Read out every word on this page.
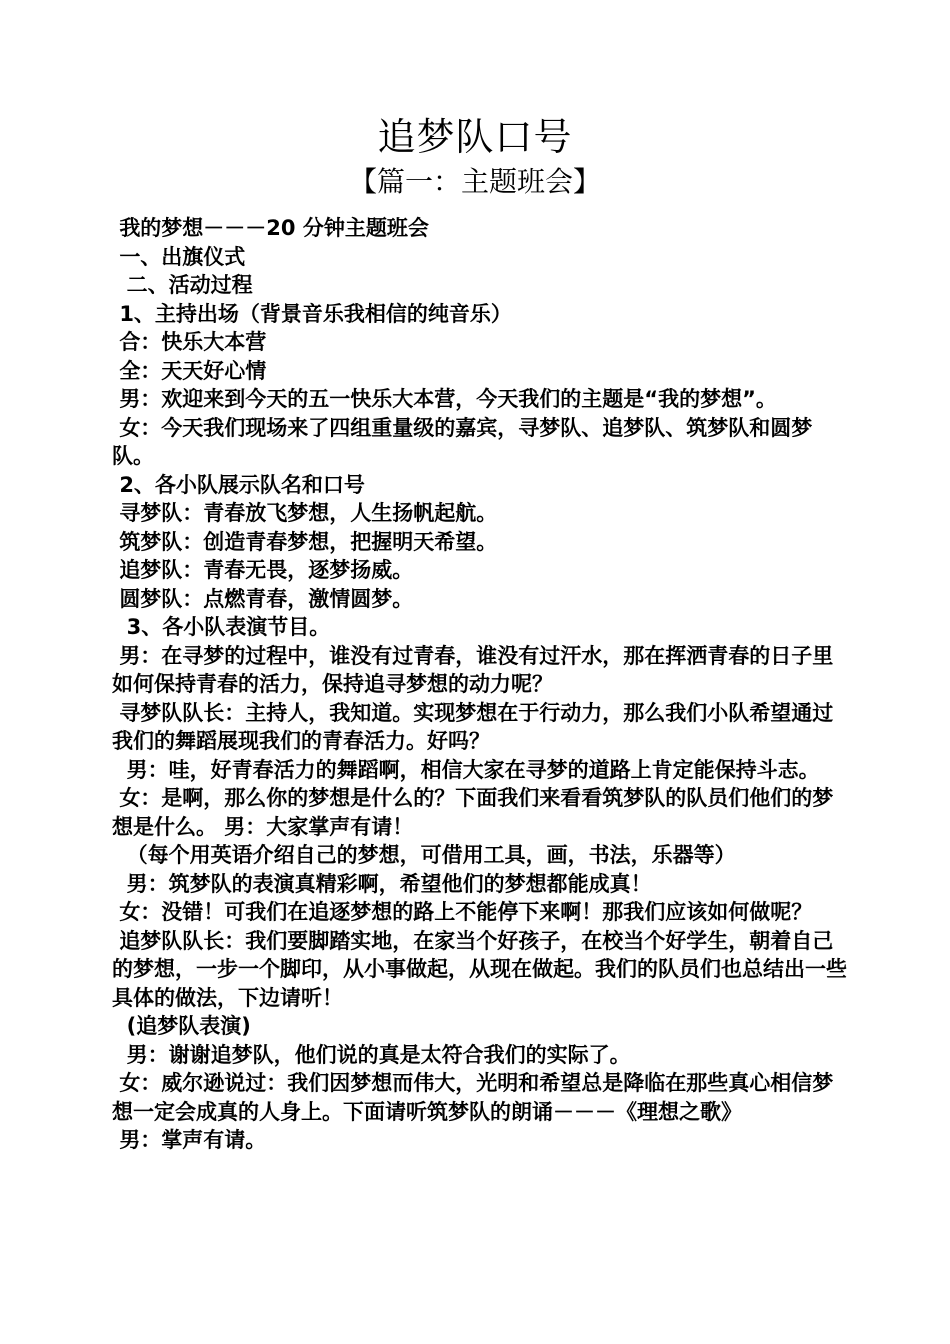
追梦队口号
【篇一：主题班会】

我的梦想－－－20 分钟主题班会

一、出旗仪式

二、活动过程

1、主持出场（背景音乐我相信的纯音乐）

合：快乐大本营

全：天天好心情

男：欢迎来到今天的五一快乐大本营，今天我们的主题是“我的梦想”。

女：今天我们现场来了四组重量级的嘉宾，寻梦队、追梦队、筑梦队和圆梦队。

2、各小队展示队名和口号

寻梦队：青春放飞梦想，人生扬帆起航。

筑梦队：创造青春梦想，把握明天希望。

追梦队：青春无畏，逐梦扬威。

圆梦队：点燃青春，激情圆梦。

3、各小队表演节目。

男：在寻梦的过程中，谁没有过青春，谁没有过汗水，那在挥洒青春的日子里如何保持青春的活力，保持追寻梦想的动力呢？

寻梦队队长：主持人，我知道。实现梦想在于行动力，那么我们小队希望通过我们的舞蹈展现我们的青春活力。好吗？

男：哇，好青春活力的舞蹈啊，相信大家在寻梦的道路上肯定能保持斗志。

女：是啊，那么你的梦想是什么的？下面我们来看看筑梦队的队员们他们的梦想是什么。 男：大家掌声有请！

（每个用英语介绍自己的梦想，可借用工具，画，书法，乐器等）

男：筑梦队的表演真精彩啊，希望他们的梦想都能成真！

女：没错！可我们在追逐梦想的路上不能停下来啊！那我们应该如何做呢？

追梦队队长：我们要脚踏实地，在家当个好孩子，在校当个好学生，朝着自己的梦想，一步一个脚印，从小事做起，从现在做起。我们的队员们也总结出一些具体的做法，下边请听！

(追梦队表演)

男：谢谢追梦队，他们说的真是太符合我们的实际了。

女：威尔逊说过：我们因梦想而伟大，光明和希望总是降临在那些真心相信梦想一定会成真的人身上。下面请听筑梦队的朗诵－－－《理想之歌》

男：掌声有请。
